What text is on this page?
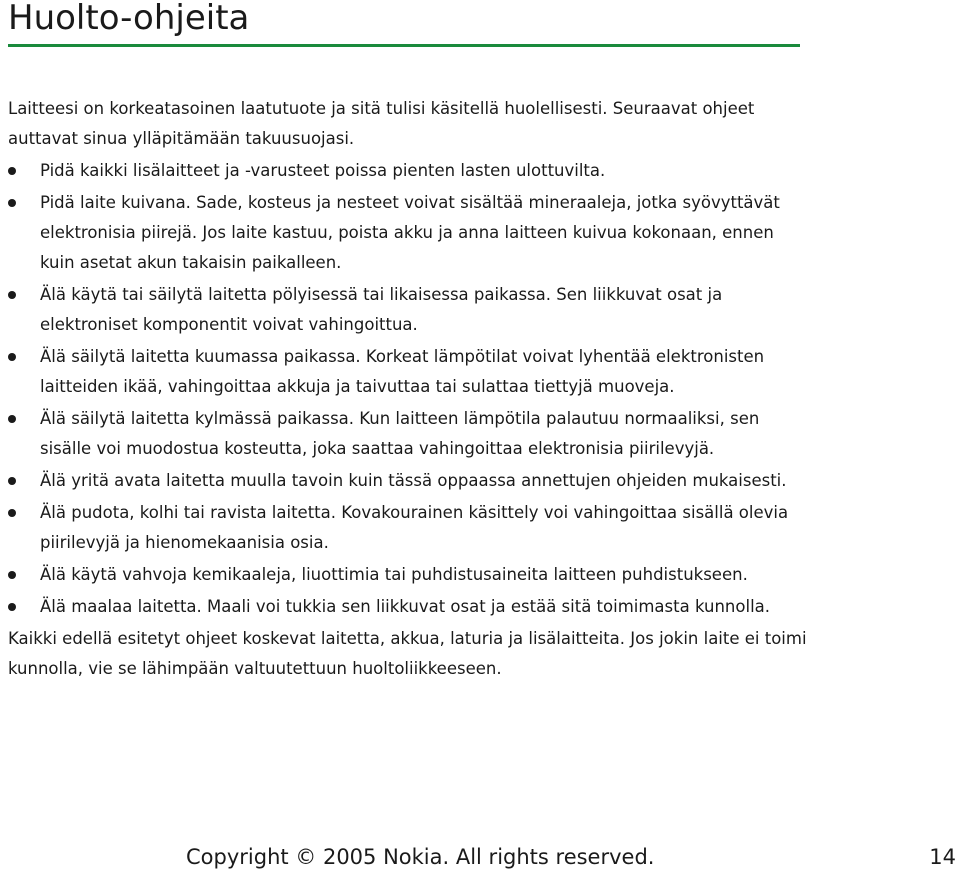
Huolto-ohjeita

Laitteesi on korkeatasoinen laatutuote ja sitä tulisi käsitellä huolellisesti. Seuraavat ohjeet auttavat sinua ylläpitämään takuusuojasi.

Pidä kaikki lisälaitteet ja -varusteet poissa pienten lasten ulottuvilta.
Pidä laite kuivana. Sade, kosteus ja nesteet voivat sisältää mineraaleja, jotka syövyttävät elektronisia piirejä. Jos laite kastuu, poista akku ja anna laitteen kuivua kokonaan, ennen kuin asetat akun takaisin paikalleen.
Älä käytä tai säilytä laitetta pölyisessä tai likaisessa paikassa. Sen liikkuvat osat ja elektroniset komponentit voivat vahingoittua.
Älä säilytä laitetta kuumassa paikassa. Korkeat lämpötilat voivat lyhentää elektronisten laitteiden ikää, vahingoittaa akkuja ja taivuttaa tai sulattaa tiettyjä muoveja.
Älä säilytä laitetta kylmässä paikassa. Kun laitteen lämpötila palautuu normaaliksi, sen sisälle voi muodostua kosteutta, joka saattaa vahingoittaa elektronisia piirilevyjä.
Älä yritä avata laitetta muulla tavoin kuin tässä oppaassa annettujen ohjeiden mukaisesti.
Älä pudota, kolhi tai ravista laitetta. Kovakourainen käsittely voi vahingoittaa sisällä olevia piirilevyjä ja hienomekaanisia osia.
Älä käytä vahvoja kemikaaleja, liuottimia tai puhdistusaineita laitteen puhdistukseen.
Älä maalaa laitetta. Maali voi tukkia sen liikkuvat osat ja estää sitä toimimasta kunnolla.

Kaikki edellä esitetyt ohjeet koskevat laitetta, akkua, laturia ja lisälaitteita. Jos jokin laite ei toimi kunnolla, vie se lähimpään valtuutettuun huoltoliikkeeseen.

Copyright © 2005 Nokia. All rights reserved.	14
